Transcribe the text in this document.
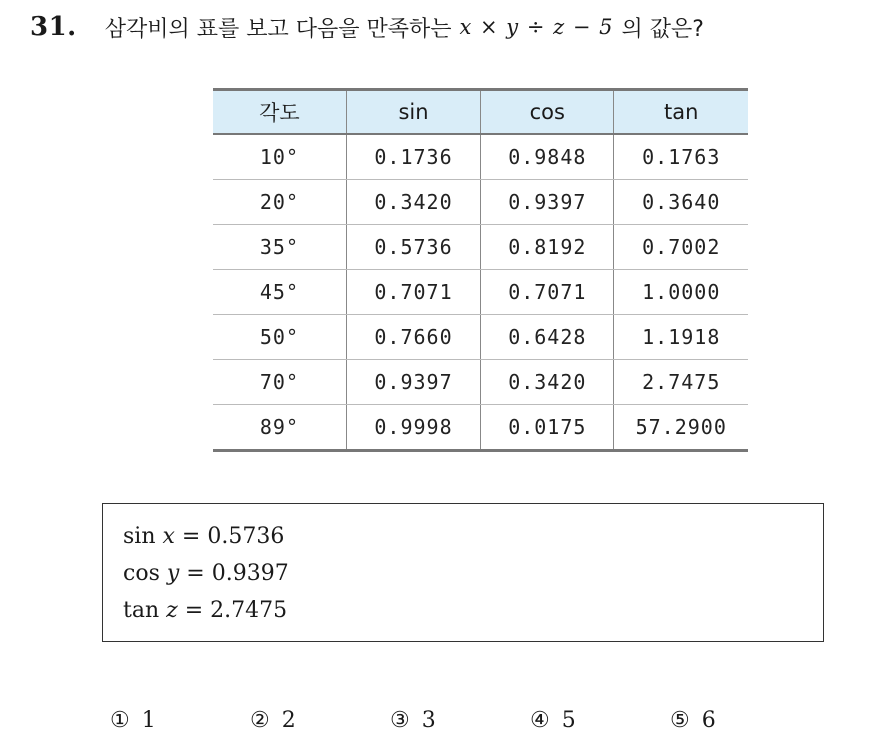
31. 삼각비의 표를 보고 다음을 만족하는 x × y ÷ z − 5 의 값은?
각도	sin	cos	tan
10°	0.1736	0.9848	0.1763
20°	0.3420	0.9397	0.3640
35°	0.5736	0.8192	0.7002
45°	0.7071	0.7071	1.0000
50°	0.7660	0.6428	1.1918
70°	0.9397	0.3420	2.7475
89°	0.9998	0.0175	57.2900
sin x = 0.5736
cos y = 0.9397
tan z = 2.7475
① 1	② 2	③ 3	④ 5	⑤ 6
